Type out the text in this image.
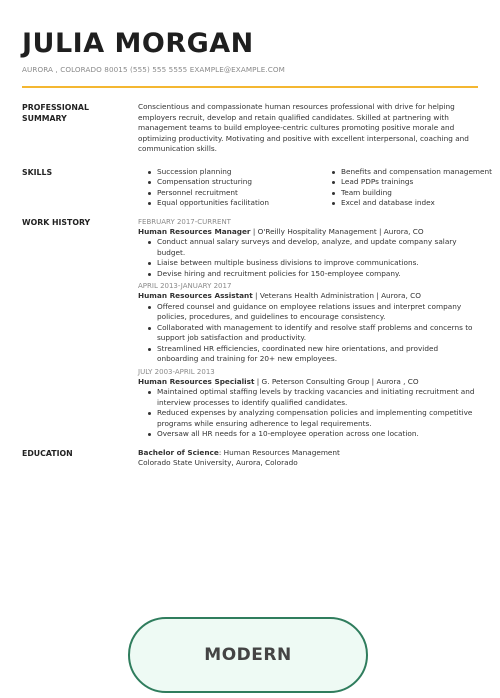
JULIA MORGAN
AURORA , COLORADO 80015 (555) 555 5555 EXAMPLE@EXAMPLE.COM
PROFESSIONAL
SUMMARY
Conscientious and compassionate human resources professional with drive for helping employers recruit, develop and retain qualified candidates. Skilled at partnering with management teams to build employee-centric cultures promoting positive morale and optimizing productivity. Motivating and positive with excellent interpersonal, coaching and communication skills.
SKILLS	Succession planning
Compensation structuring
Personnel recruitment
Equal opportunities facilitation
Benefits and compensation management
Lead PDPs trainings
Team building
Excel and database index
WORK HISTORY	FEBRUARY 2017-CURRENT
Human Resources Manager | O'Reilly Hospitality Management | Aurora, CO
Conduct annual salary surveys and develop, analyze, and update company salary budget.
Liaise between multiple business divisions to improve communications.
Devise hiring and recruitment policies for 150-employee company.
APRIL 2013-JANUARY 2017
Human Resources Assistant | Veterans Health Administration | Aurora, CO
Offered counsel and guidance on employee relations issues and interpret company policies, procedures, and guidelines to encourage consistency.
Collaborated with management to identify and resolve staff problems and concerns to support job satisfaction and productivity.
Streamlined HR efficiencies, coordinated new hire orientations, and provided onboarding and training for 20+ new employees.
JULY 2003-APRIL 2013
Human Resources Specialist | G. Peterson Consulting Group | Aurora , CO
Maintained optimal staffing levels by tracking vacancies and initiating recruitment and interview processes to identify qualified candidates.
Reduced expenses by analyzing compensation policies and implementing competitive programs while ensuring adherence to legal requirements.
Oversaw all HR needs for a 10-employee operation across one location.
EDUCATION	Bachelor of Science: Human Resources Management
Colorado State University, Aurora, Colorado
MODERN
